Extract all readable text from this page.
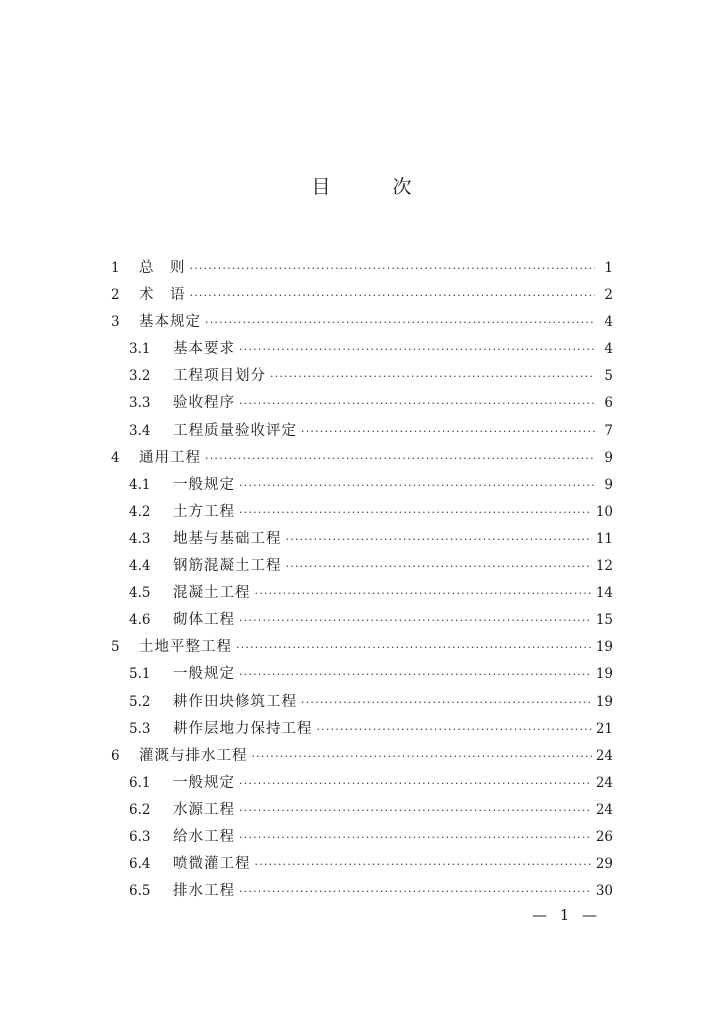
目 次
1	总　则 ·····	1
2	术　语 ·····	2
3	基本规定 ·····	4
3.1	基本要求 ·····	4
3.2	工程项目划分 ·····	5
3.3	验收程序 ·····	6
3.4	工程质量验收评定 ·····	7
4	通用工程 ·····	9
4.1	一般规定 ·····	9
4.2	土方工程 ·····	10
4.3	地基与基础工程 ·····	11
4.4	钢筋混凝土工程 ·····	12
4.5	混凝土工程 ·····	14
4.6	砌体工程 ·····	15
5	土地平整工程 ·····	19
5.1	一般规定 ·····	19
5.2	耕作田块修筑工程 ·····	19
5.3	耕作层地力保持工程 ·····	21
6	灌溉与排水工程 ·····	24
6.1	一般规定 ·····	24
6.2	水源工程 ·····	24
6.3	给水工程 ·····	26
6.4	喷微灌工程 ·····	29
6.5	排水工程 ·····	30
— 1 —
